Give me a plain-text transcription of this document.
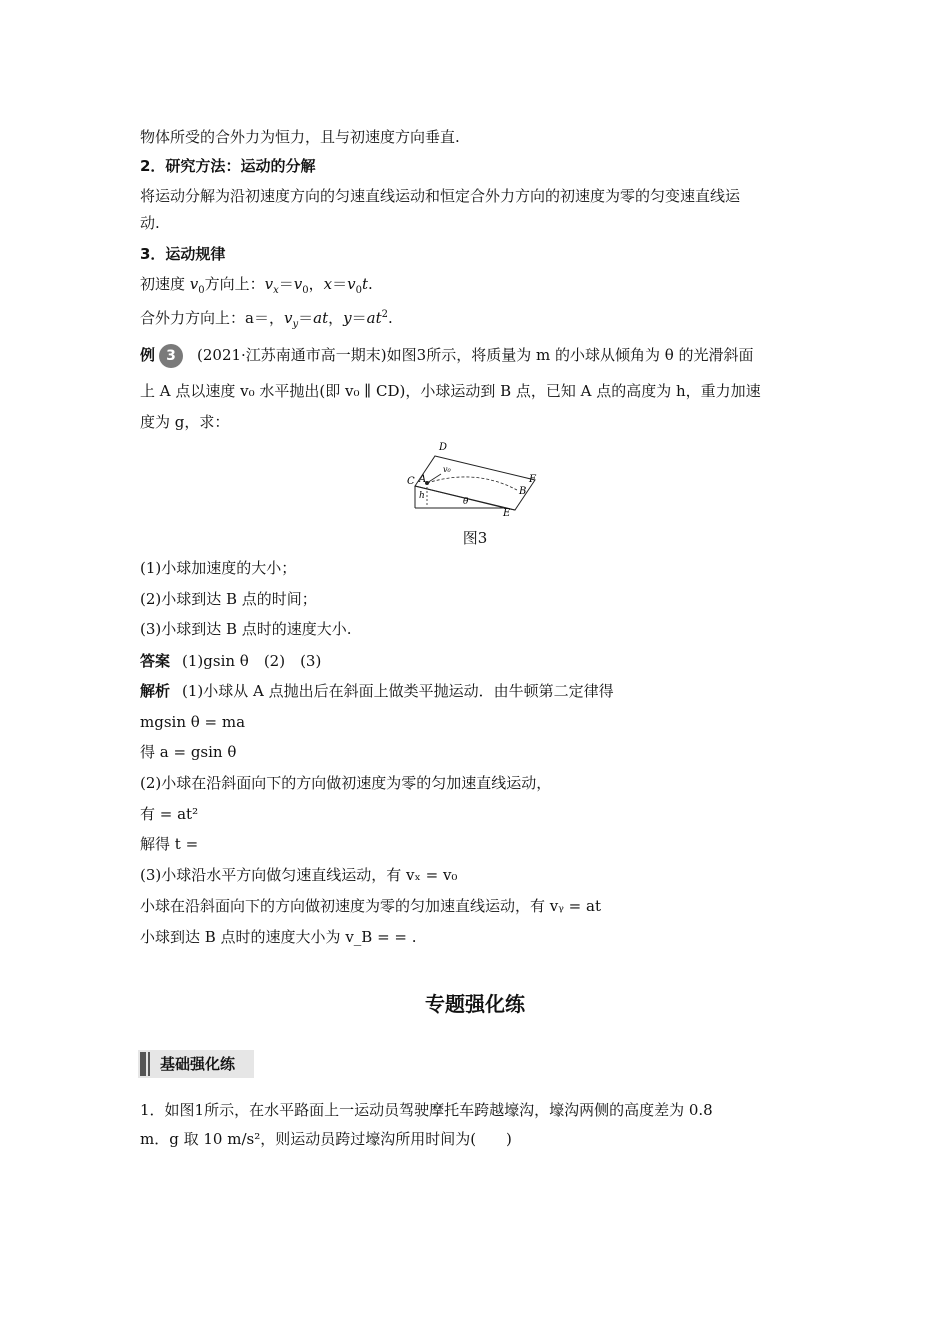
物体所受的合外力为恒力，且与初速度方向垂直.
2．研究方法：运动的分解
将运动分解为沿初速度方向的匀速直线运动和恒定合外力方向的初速度为零的匀变速直线运
动.
3．运动规律
初速度 $v_0$方向上：$v_x=v_0$，$x=v_0t$.
合外力方向上：a＝，$v_y=at$，$y=at^2$.
例 3 (2021·江苏南通市高一期末)如图3所示，将质量为 m 的小球从倾角为 θ 的光滑斜面
上 A 点以速度 v₀ 水平抛出(即 v₀ ∥ CD)，小球运动到 B 点，已知 A 点的高度为 h，重力加速
度为 g，求：
D
C A
v₀
F
B
h
θ
E
图3
(1)小球加速度的大小；
(2)小球到达 B 点的时间；
(3)小球到达 B 点时的速度大小.
答案 (1)gsin θ　(2)　(3)
解析 (1)小球从 A 点抛出后在斜面上做类平抛运动．由牛顿第二定律得
mgsin θ = ma
得 a = gsin θ
(2)小球在沿斜面向下的方向做初速度为零的匀加速直线运动，
有 = at²
解得 t =
(3)小球沿水平方向做匀速直线运动，有 vₓ = v₀
小球在沿斜面向下的方向做初速度为零的匀加速直线运动，有 vᵧ = at
小球到达 B 点时的速度大小为 v_B = = .
专题强化练
基础强化练
1．如图1所示，在水平路面上一运动员驾驶摩托车跨越壕沟，壕沟两侧的高度差为 0.8
m．g 取 10 m/s²，则运动员跨过壕沟所用时间为(　　)
